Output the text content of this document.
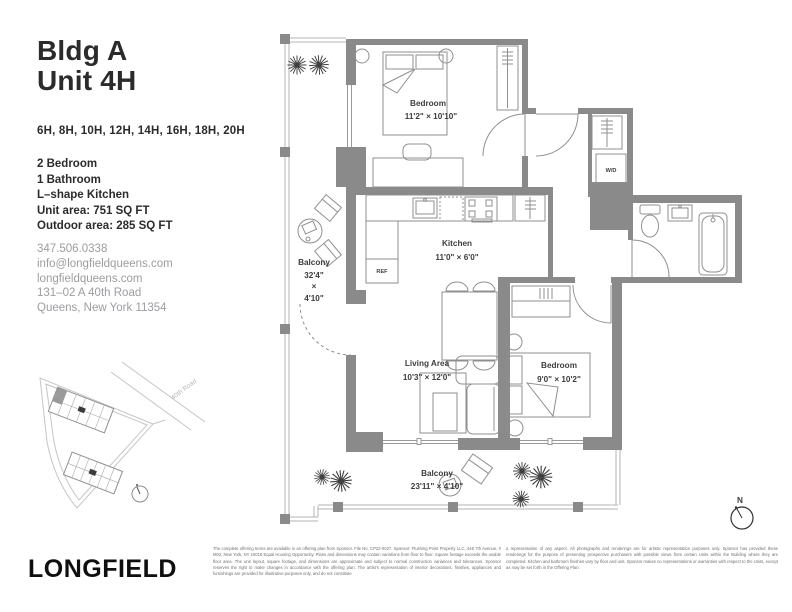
Bldg A
Unit 4H
6H, 8H, 10H, 12H, 14H, 16H, 18H, 20H
2 Bedroom
1 Bathroom
L–shape Kitchen
Unit area: 751 SQ FT
Outdoor area: 285 SQ FT
347.506.0338
info@longfieldqueens.com
longfieldqueens.com
131–02 A 40th Road
Queens, New York 11354
40th Road
N
Bedroom
11'2" × 10'10"
Kitchen
11'0" × 6'0"
Living Area
10'3" × 12'0"
Bedroom
9'0" × 10'2"
Balcony
32'4"
×
4'10"
Balcony
23'11" × 4'10"
REF
W/D
LONGFIELD
The complete offering terms are available in an offering plan from Sponsor. File No. CP22-0027. Sponsor: Flushing Point Property LLC, 448 7th Avenue, # M02, New York, NY 10018 Equal Housing Opportunity. Plans and dimensions may contain variations from floor to floor. Square footage exceeds the usable floor area. The unit layout, square footage, and dimensions are approximate and subject to normal construction variances and tolerances. Sponsor reserves the right to make changes in accordance with the offering plan. The artist's representation of interior decorations, finishes, appliances and furnishings are provided for illustrative purposes only, and do not constitute
a representation of any aspect. All photographs and renderings are for artistic representation purposes only. Sponsor has provided these renderings for the purpose of presenting prospective purchasers with possible views from certain Units within the Building where they are completed. Kitchen and bathroom finishes vary by floor and unit. Sponsor makes no representations or warranties with respect to the Units, except as may be set forth in the Offering Plan.
